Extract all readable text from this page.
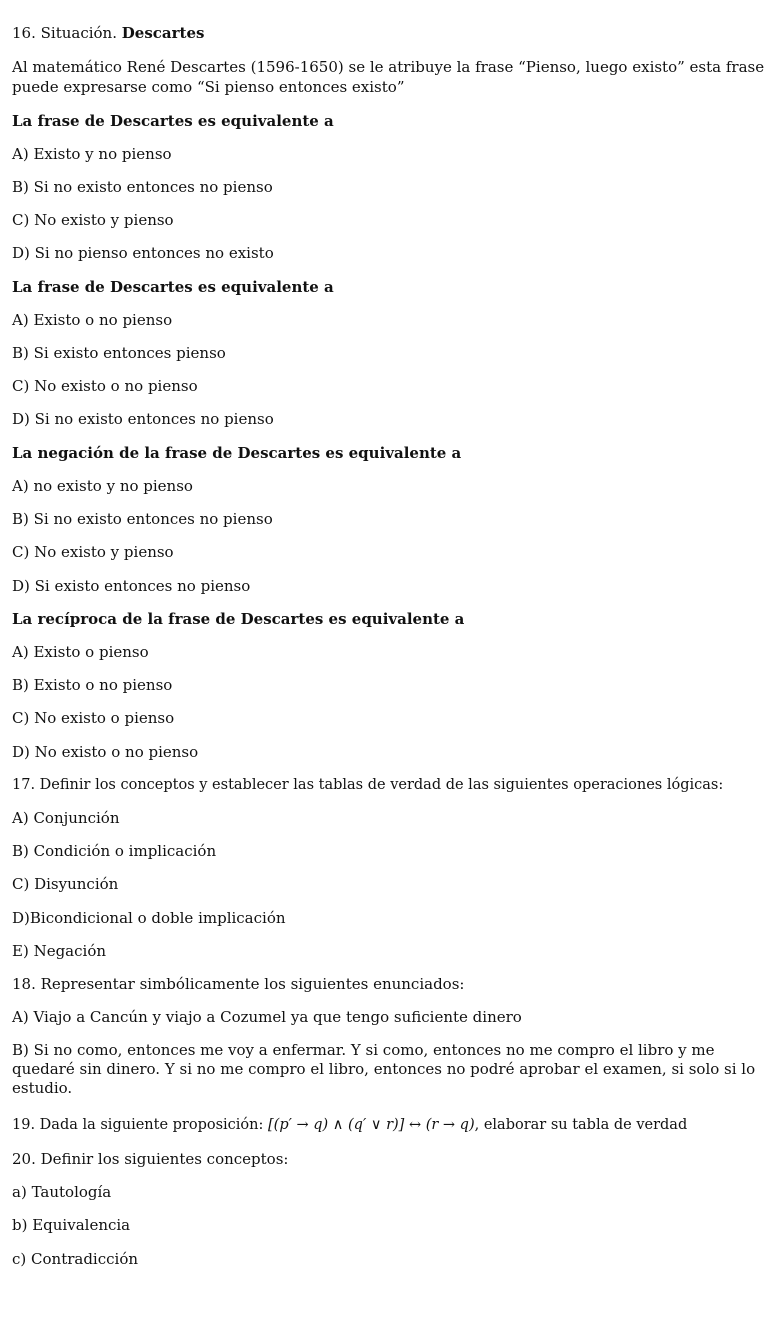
16. Situación. Descartes
Al matemático René Descartes (1596-1650) se le atribuye la frase “Pienso, luego existo” esta frase puede expresarse como “Si pienso entonces existo”
La frase de Descartes es equivalente a
A) Existo y no pienso
B) Si no existo entonces no pienso
C) No existo y pienso
D) Si no pienso entonces no existo
La frase de Descartes es equivalente a
A) Existo o no pienso
B) Si existo entonces pienso
C) No existo o no pienso
D) Si no existo entonces no pienso
La negación de la frase de Descartes es equivalente a
A) no existo y no pienso
B) Si no existo entonces no pienso
C) No existo y pienso
D) Si existo entonces no pienso
La recíproca de la frase de Descartes es equivalente a
A) Existo o pienso
B) Existo o no pienso
C) No existo o pienso
D) No existo o no pienso
17. Definir los conceptos y establecer las tablas de verdad de las siguientes operaciones lógicas:
A) Conjunción
B) Condición o implicación
C) Disyunción
D)Bicondicional o doble implicación
E) Negación
18. Representar simbólicamente los siguientes enunciados:
A) Viajo a Cancún y viajo a Cozumel ya que tengo suficiente dinero
B) Si no como, entonces me voy a enfermar. Y si como, entonces no me compro el libro y me quedaré sin dinero. Y si no me compro el libro, entonces no podré aprobar el examen, si solo si lo estudio.
19. Dada la siguiente proposición: [(p′ → q) ∧ (q′ ∨ r)] ↔ (r → q), elaborar su tabla de verdad
20. Definir los siguientes conceptos:
a) Tautología
b) Equivalencia
c) Contradicción
